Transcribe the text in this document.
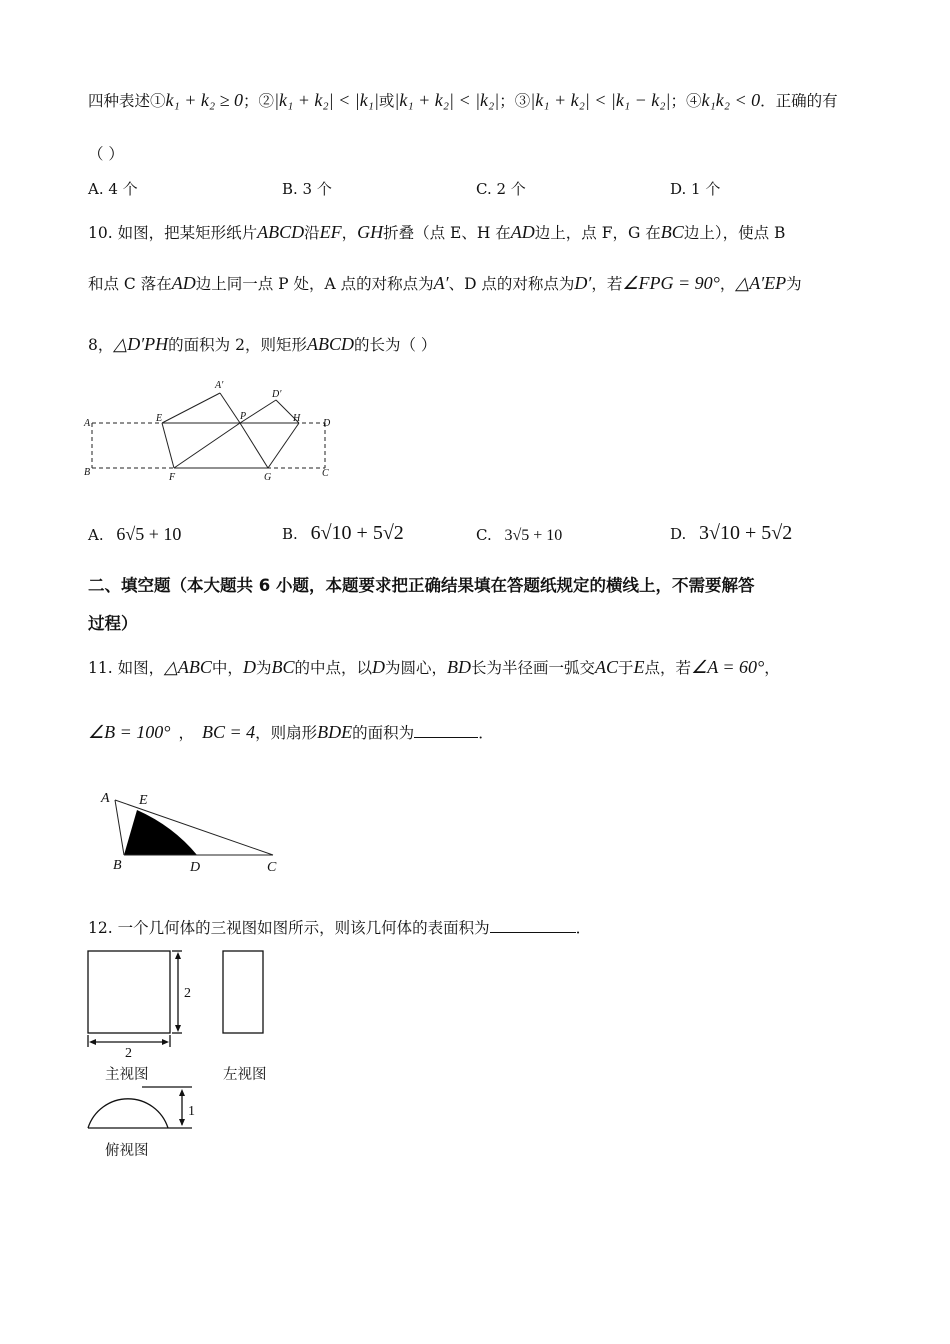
四种表述①k₁ + k₂ ≥ 0；②|k₁ + k₂| < |k₁|或|k₁ + k₂| < |k₂|；③|k₁ + k₂| < |k₁ − k₂|；④k₁k₂ < 0．正确的有
（ ）
A. 4 个	B. 3 个	C. 2 个	D. 1 个
10. 如图，把某矩形纸片ABCD沿EF，GH折叠（点 E、H 在AD边上，点 F，G 在BC边上），使点 B
和点 C 落在AD边上同一点 P 处，A 点的对称点为A′、D 点的对称点为D′，若∠FPG = 90°，△A′EP为
8，△D′PH的面积为 2，则矩形ABCD的长为（ ）
A
B	C
D
E
F	G
H
P
A′
D′
A. 6√5 + 10	B. 6√10 + 5√2	C. 3√5 + 10	D. 3√10 + 5√2
二、填空题（本大题共 6 小题，本题要求把正确结果填在答题纸规定的横线上，不需要解答
过程）
11. 如图，△ABC中，D为BC的中点，以D为圆心，BD长为半径画一弧交AC于E点，若∠A = 60°，
∠B = 100° ， BC = 4，则扇形BDE的面积为	．
A E
B	D	C
12. 一个几何体的三视图如图所示，则该几何体的表面积为	．
2
2
1
主视图	左视图
俯视图
